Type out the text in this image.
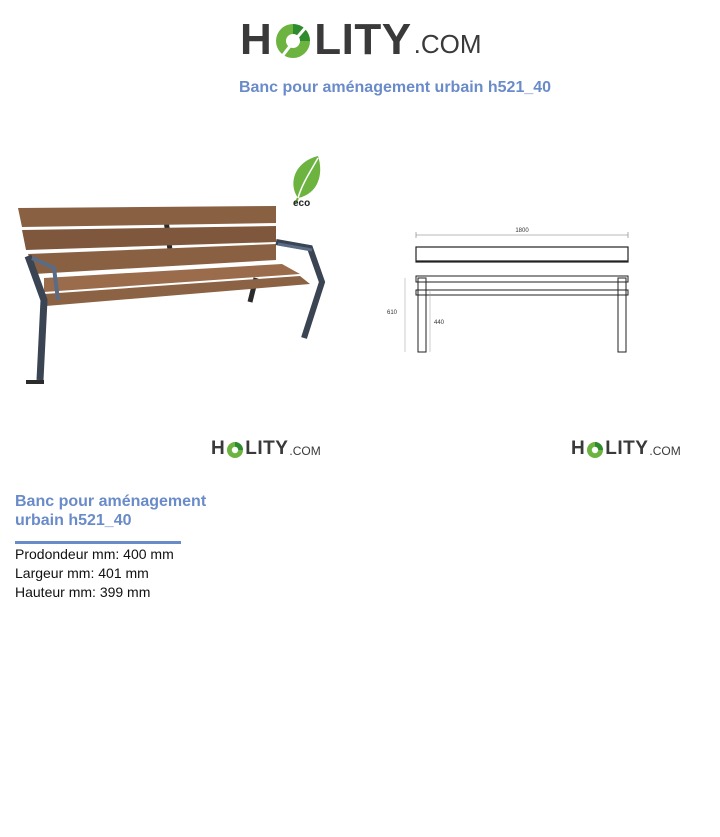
H LITY .COM
Banc pour aménagement urbain h521_40
eco
1800
610
440
H LITY .COM	H LITY .COM
Banc pour aménagement urbain h521_40
Prodondeur mm: 400 mm
Largeur mm: 401 mm
Hauteur mm: 399 mm
